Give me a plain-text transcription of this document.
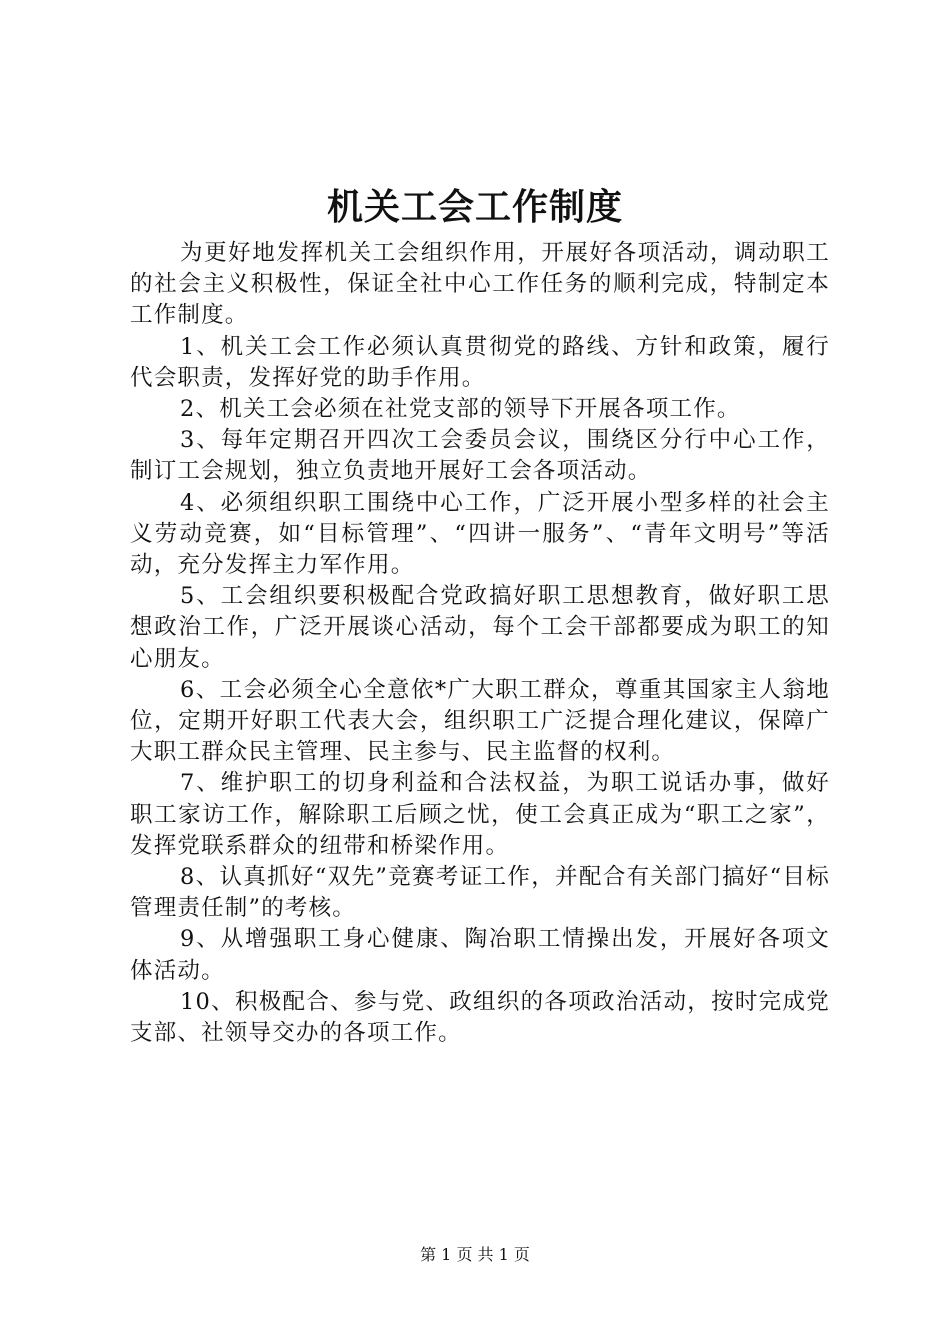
机关工会工作制度

为更好地发挥机关工会组织作用，开展好各项活动，调动职工的社会主义积极性，保证全社中心工作任务的顺利完成，特制定本工作制度。

1、机关工会工作必须认真贯彻党的路线、方针和政策，履行代会职责，发挥好党的助手作用。

2、机关工会必须在社党支部的领导下开展各项工作。

3、每年定期召开四次工会委员会议，围绕区分行中心工作，制订工会规划，独立负责地开展好工会各项活动。

4、必须组织职工围绕中心工作，广泛开展小型多样的社会主义劳动竞赛，如“目标管理”、“四讲一服务”、“青年文明号”等活动，充分发挥主力军作用。

5、工会组织要积极配合党政搞好职工思想教育，做好职工思想政治工作，广泛开展谈心活动，每个工会干部都要成为职工的知心朋友。

6、工会必须全心全意依*广大职工群众，尊重其国家主人翁地位，定期开好职工代表大会，组织职工广泛提合理化建议，保障广大职工群众民主管理、民主参与、民主监督的权利。

7、维护职工的切身利益和合法权益，为职工说话办事，做好职工家访工作，解除职工后顾之忧，使工会真正成为“职工之家”，发挥党联系群众的纽带和桥梁作用。

8、认真抓好“双先”竞赛考证工作，并配合有关部门搞好“目标管理责任制”的考核。

9、从增强职工身心健康、陶冶职工情操出发，开展好各项文体活动。

10、积极配合、参与党、政组织的各项政治活动，按时完成党支部、社领导交办的各项工作。

第 1 页 共 1 页
